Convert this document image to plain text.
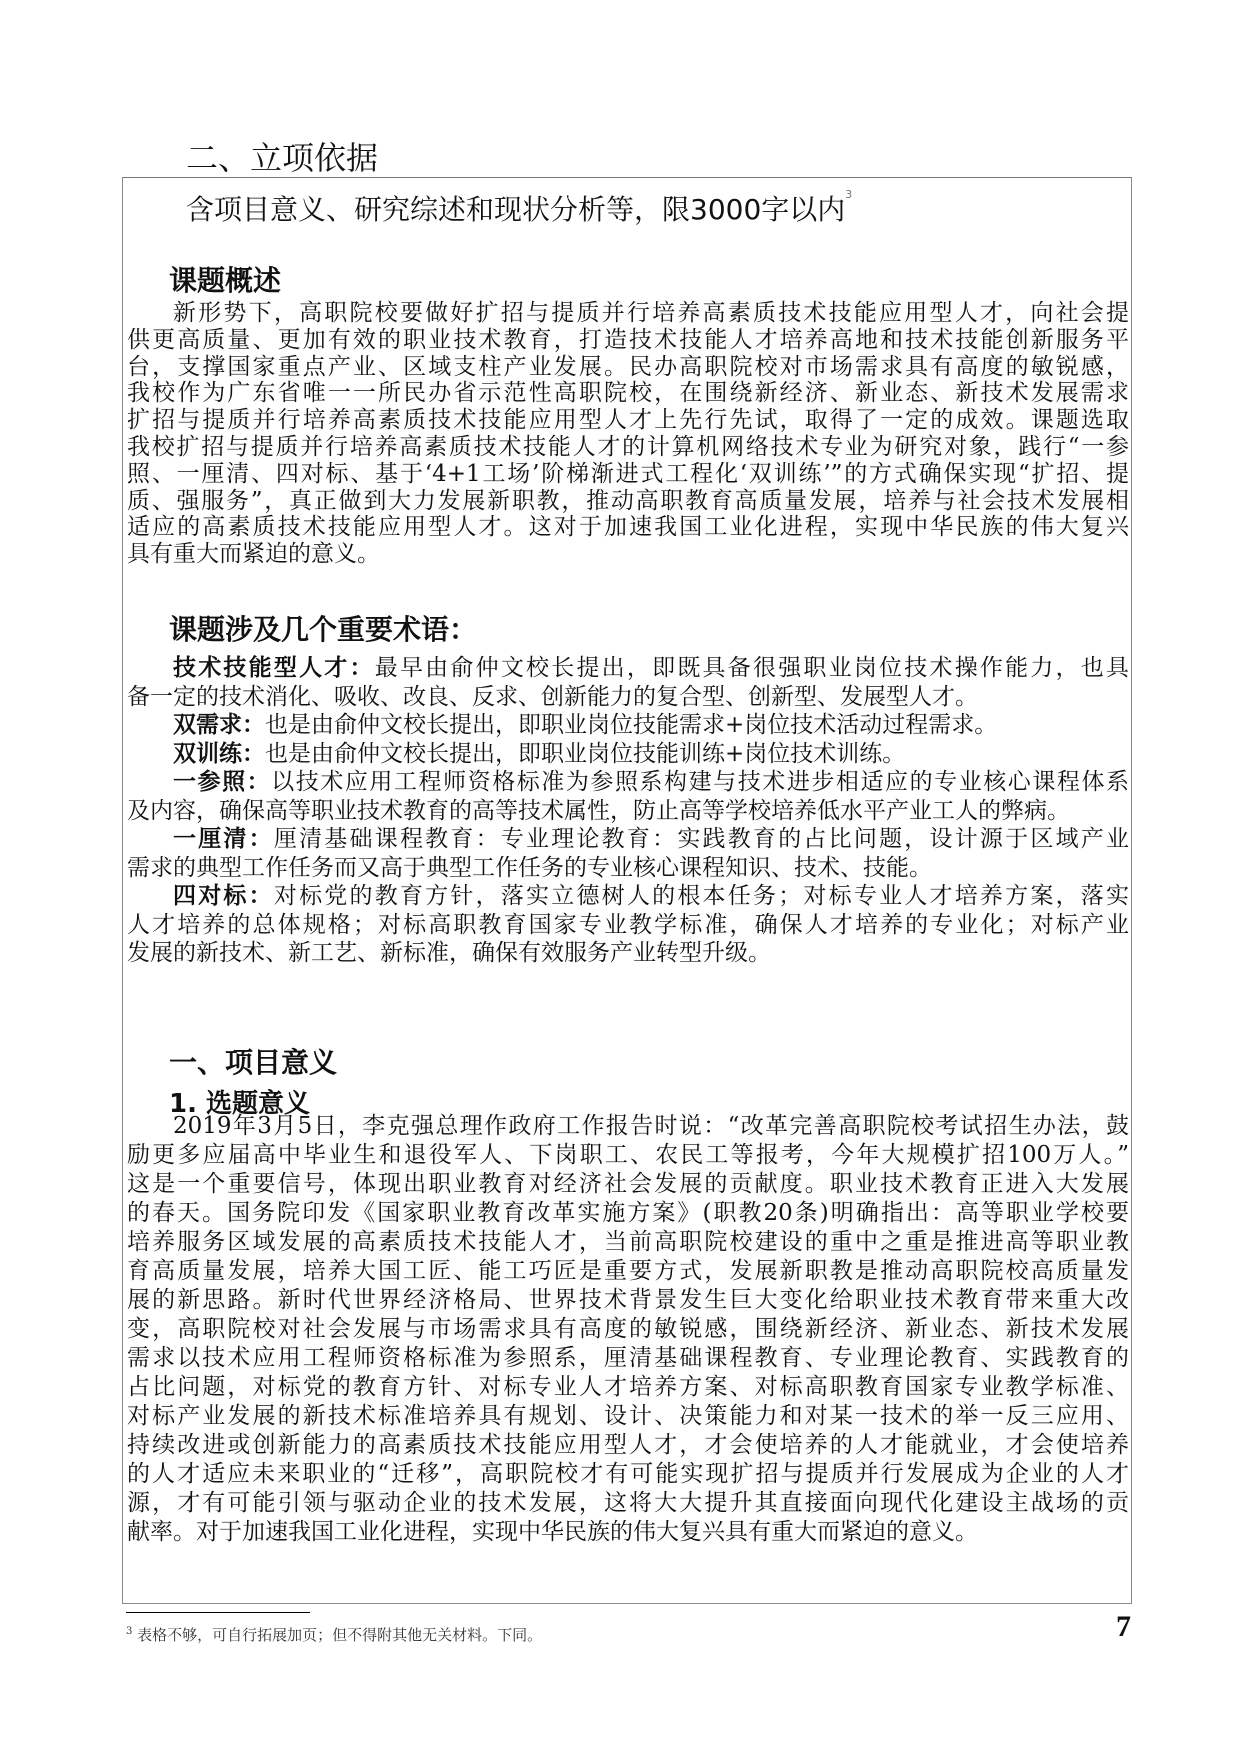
二、立项依据
含项目意义、研究综述和现状分析等，限3000字以内$^3$
课题概述
新形势下，高职院校要做好扩招与提质并行培养高素质技术技能应用型人才，向社会提
供更高质量、更加有效的职业技术教育，打造技术技能人才培养高地和技术技能创新服务平
台，支撑国家重点产业、区域支柱产业发展。民办高职院校对市场需求具有高度的敏锐感，
我校作为广东省唯一一所民办省示范性高职院校，在围绕新经济、新业态、新技术发展需求
扩招与提质并行培养高素质技术技能应用型人才上先行先试，取得了一定的成效。课题选取
我校扩招与提质并行培养高素质技术技能人才的计算机网络技术专业为研究对象，践行“一参
照、一厘清、四对标、基于‘4+1工场’阶梯渐进式工程化‘双训练’”的方式确保实现“扩招、提
质、强服务”，真正做到大力发展新职教，推动高职教育高质量发展，培养与社会技术发展相
适应的高素质技术技能应用型人才。这对于加速我国工业化进程，实现中华民族的伟大复兴
具有重大而紧迫的意义。
课题涉及几个重要术语：
技术技能型人才：最早由俞仲文校长提出，即既具备很强职业岗位技术操作能力，也具
备一定的技术消化、吸收、改良、反求、创新能力的复合型、创新型、发展型人才。
双需求：也是由俞仲文校长提出，即职业岗位技能需求+岗位技术活动过程需求。
双训练：也是由俞仲文校长提出，即职业岗位技能训练+岗位技术训练。
一参照：以技术应用工程师资格标准为参照系构建与技术进步相适应的专业核心课程体系
及内容，确保高等职业技术教育的高等技术属性，防止高等学校培养低水平产业工人的弊病。
一厘清：厘清基础课程教育：专业理论教育：实践教育的占比问题，设计源于区域产业
需求的典型工作任务而又高于典型工作任务的专业核心课程知识、技术、技能。
四对标：对标党的教育方针，落实立德树人的根本任务；对标专业人才培养方案，落实
人才培养的总体规格；对标高职教育国家专业教学标准，确保人才培养的专业化；对标产业
发展的新技术、新工艺、新标准，确保有效服务产业转型升级。
一、项目意义
1. 选题意义
2019年3月5日，李克强总理作政府工作报告时说：“改革完善高职院校考试招生办法，鼓
励更多应届高中毕业生和退役军人、下岗职工、农民工等报考，今年大规模扩招100万人。”
这是一个重要信号，体现出职业教育对经济社会发展的贡献度。职业技术教育正进入大发展
的春天。国务院印发《国家职业教育改革实施方案》(职教20条)明确指出：高等职业学校要
培养服务区域发展的高素质技术技能人才，当前高职院校建设的重中之重是推进高等职业教
育高质量发展，培养大国工匠、能工巧匠是重要方式，发展新职教是推动高职院校高质量发
展的新思路。新时代世界经济格局、世界技术背景发生巨大变化给职业技术教育带来重大改
变，高职院校对社会发展与市场需求具有高度的敏锐感，围绕新经济、新业态、新技术发展
需求以技术应用工程师资格标准为参照系，厘清基础课程教育、专业理论教育、实践教育的
占比问题，对标党的教育方针、对标专业人才培养方案、对标高职教育国家专业教学标准、
对标产业发展的新技术标准培养具有规划、设计、决策能力和对某一技术的举一反三应用、
持续改进或创新能力的高素质技术技能应用型人才，才会使培养的人才能就业，才会使培养
的人才适应未来职业的“迁移”，高职院校才有可能实现扩招与提质并行发展成为企业的人才
源，才有可能引领与驱动企业的技术发展，这将大大提升其直接面向现代化建设主战场的贡
献率。对于加速我国工业化进程，实现中华民族的伟大复兴具有重大而紧迫的意义。
$^3$ 表格不够，可自行拓展加页；但不得附其他无关材料。下同。	7
